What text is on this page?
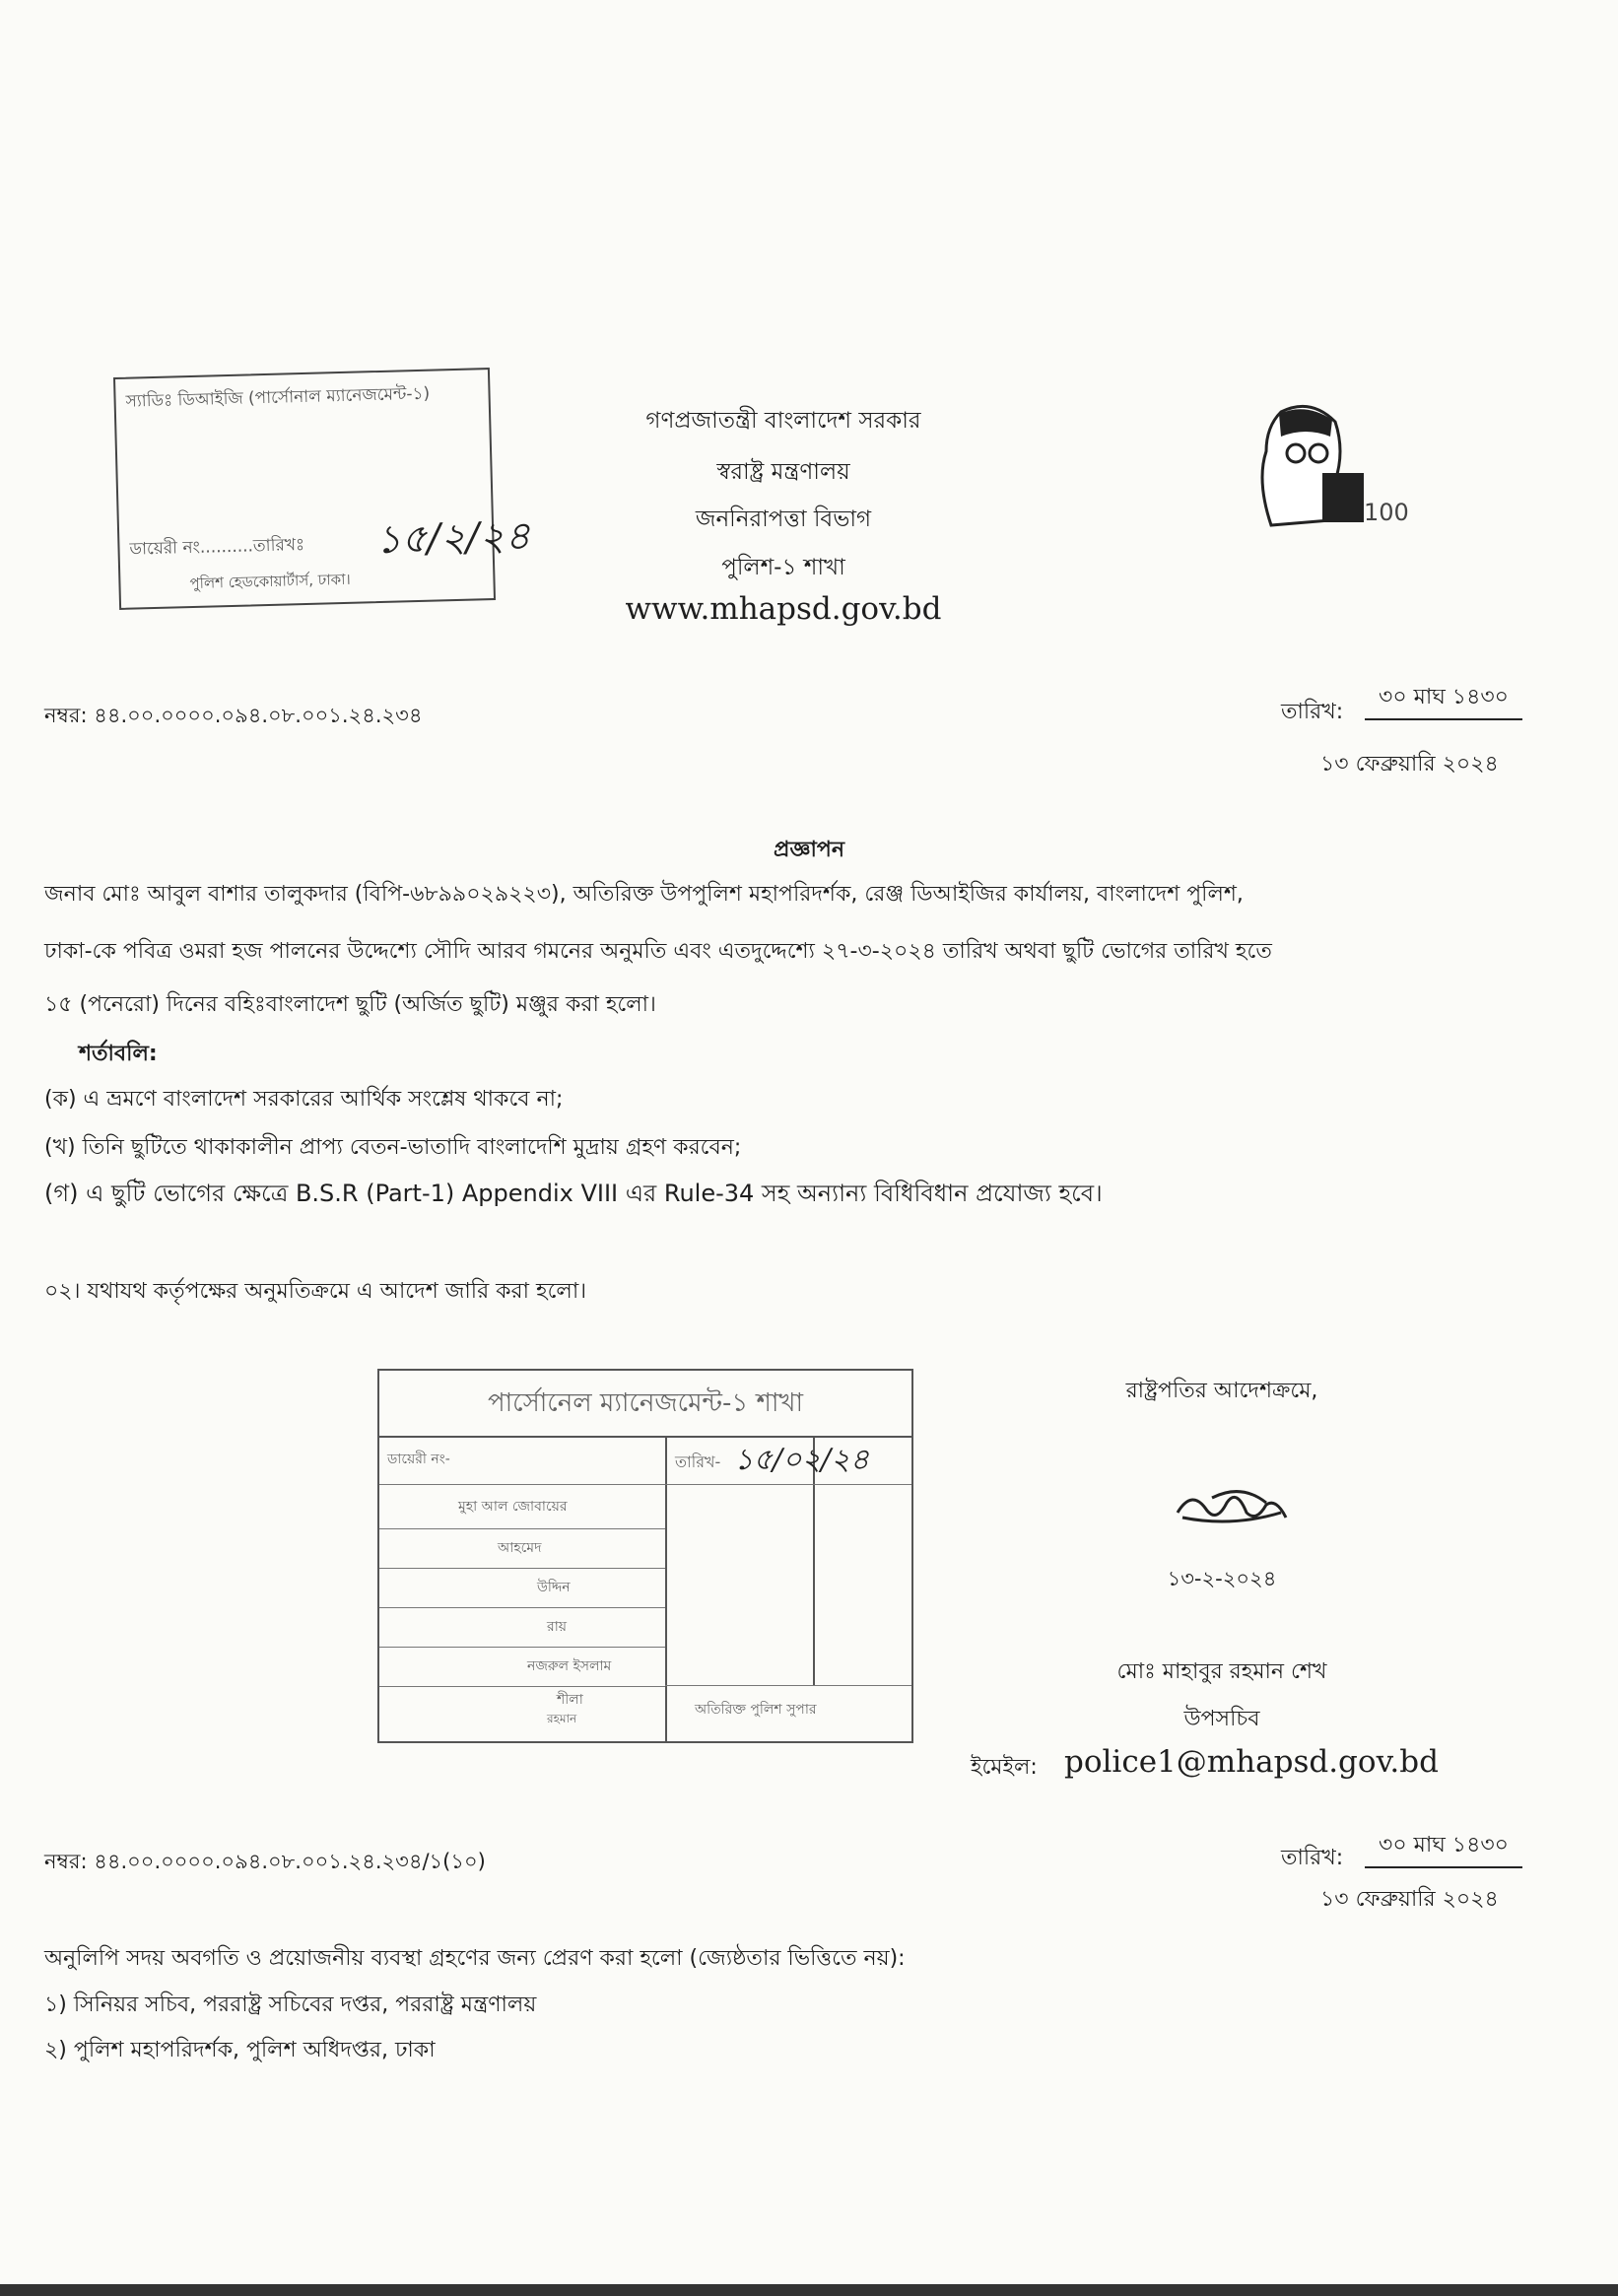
স্যাডিঃ ডিআইজি (পার্সোনাল ম্যানেজমেন্ট-১)
ডায়েরী নং..........তারিখঃ ১৫/২/২৪
পুলিশ হেডকোয়ার্টার্স, ঢাকা।
গণপ্রজাতন্ত্রী বাংলাদেশ সরকার
স্বরাষ্ট্র মন্ত্রণালয়
জননিরাপত্তা বিভাগ
পুলিশ-১ শাখা
www.mhapsd.gov.bd
100
নম্বর: ৪৪.০০.০০০০.০৯৪.০৮.০০১.২৪.২৩৪	তারিখ:
৩০ মাঘ ১৪৩০
১৩ ফেব্রুয়ারি ২০২৪
প্রজ্ঞাপন
জনাব মোঃ আবুল বাশার তালুকদার (বিপি-৬৮৯৯০২৯২২৩), অতিরিক্ত উপপুলিশ মহাপরিদর্শক, রেঞ্জ ডিআইজির কার্যালয়, বাংলাদেশ পুলিশ,
ঢাকা-কে পবিত্র ওমরা হজ পালনের উদ্দেশ্যে সৌদি আরব গমনের অনুমতি এবং এতদুদ্দেশ্যে ২৭-৩-২০২৪ তারিখ অথবা ছুটি ভোগের তারিখ হতে
১৫ (পনেরো) দিনের বহিঃবাংলাদেশ ছুটি (অর্জিত ছুটি) মঞ্জুর করা হলো।
শর্তাবলি:
(ক) এ ভ্রমণে বাংলাদেশ সরকারের আর্থিক সংশ্লেষ থাকবে না;
(খ) তিনি ছুটিতে থাকাকালীন প্রাপ্য বেতন-ভাতাদি বাংলাদেশি মুদ্রায় গ্রহণ করবেন;
(গ) এ ছুটি ভোগের ক্ষেত্রে B.S.R (Part-1) Appendix VIII এর Rule-34 সহ অন্যান্য বিধিবিধান প্রযোজ্য হবে।
০২। যথাযথ কর্তৃপক্ষের অনুমতিক্রমে এ আদেশ জারি করা হলো।
পার্সোনেল ম্যানেজমেন্ট-১ শাখা
ডায়েরী নং-	তারিখ- ১৫/০২/২৪
মুহা আল জোবায়ের
আহমেদ
উদ্দিন
রায়
নজরুল ইসলাম
শীলা
রহমান
অতিরিক্ত পুলিশ সুপার
রাষ্ট্রপতির আদেশক্রমে,
১৩-২-২০২৪
মোঃ মাহাবুর রহমান শেখ
উপসচিব
ইমেইল: police1@mhapsd.gov.bd
নম্বর: ৪৪.০০.০০০০.০৯৪.০৮.০০১.২৪.২৩৪/১(১০)	তারিখ:
৩০ মাঘ ১৪৩০
১৩ ফেব্রুয়ারি ২০২৪
অনুলিপি সদয় অবগতি ও প্রয়োজনীয় ব্যবস্থা গ্রহণের জন্য প্রেরণ করা হলো (জ্যেষ্ঠতার ভিত্তিতে নয়):
১) সিনিয়র সচিব, পররাষ্ট্র সচিবের দপ্তর, পররাষ্ট্র মন্ত্রণালয়
২) পুলিশ মহাপরিদর্শক, পুলিশ অধিদপ্তর, ঢাকা
